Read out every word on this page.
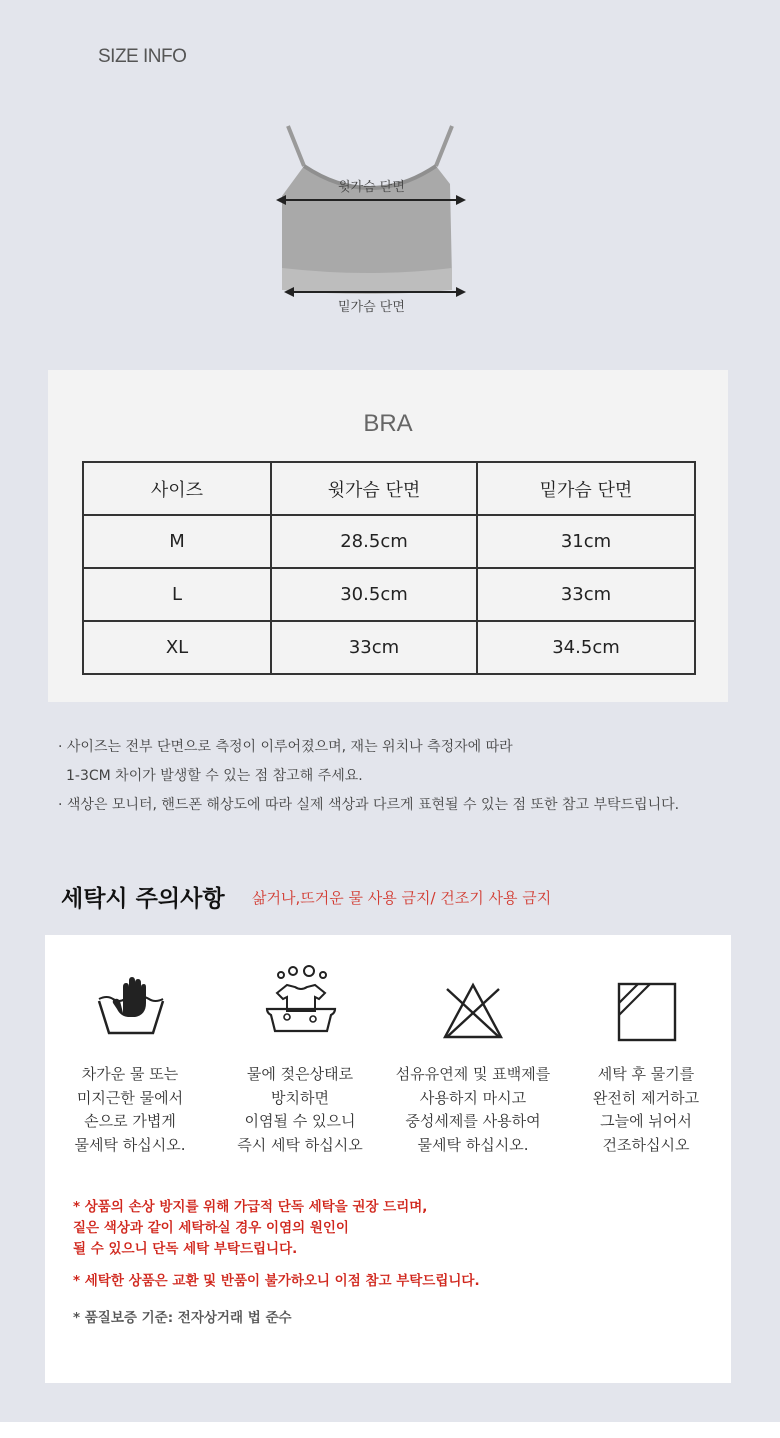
SIZE INFO
윗가슴 단면
밑가슴 단면
BRA
사이즈	윗가슴 단면	밑가슴 단면
M	28.5cm	31cm
L	30.5cm	33cm
XL	33cm	34.5cm
· 사이즈는 전부 단면으로 측정이 이루어졌으며, 재는 위치나 측정자에 따라
1-3CM 차이가 발생할 수 있는 점 참고해 주세요.
· 색상은 모니터, 핸드폰 해상도에 따라 실제 색상과 다르게 표현될 수 있는 점 또한 참고 부탁드립니다.
세탁시 주의사항 삶거나,뜨거운 물 사용 금지/ 건조기 사용 금지
차가운 물 또는
미지근한 물에서
손으로 가볍게
물세탁 하십시오.
물에 젖은상태로
방치하면
이염될 수 있으니
즉시 세탁 하십시오
섬유유연제 및 표백제를
사용하지 마시고
중성세제를 사용하여
물세탁 하십시오.
세탁 후 물기를
완전히 제거하고
그늘에 뉘어서
건조하십시오
* 상품의 손상 방지를 위해 가급적 단독 세탁을 권장 드리며,
짙은 색상과 같이 세탁하실 경우 이염의 원인이
될 수 있으니 단독 세탁 부탁드립니다.
* 세탁한 상품은 교환 및 반품이 불가하오니 이점 참고 부탁드립니다.
* 품질보증 기준: 전자상거래 법 준수
